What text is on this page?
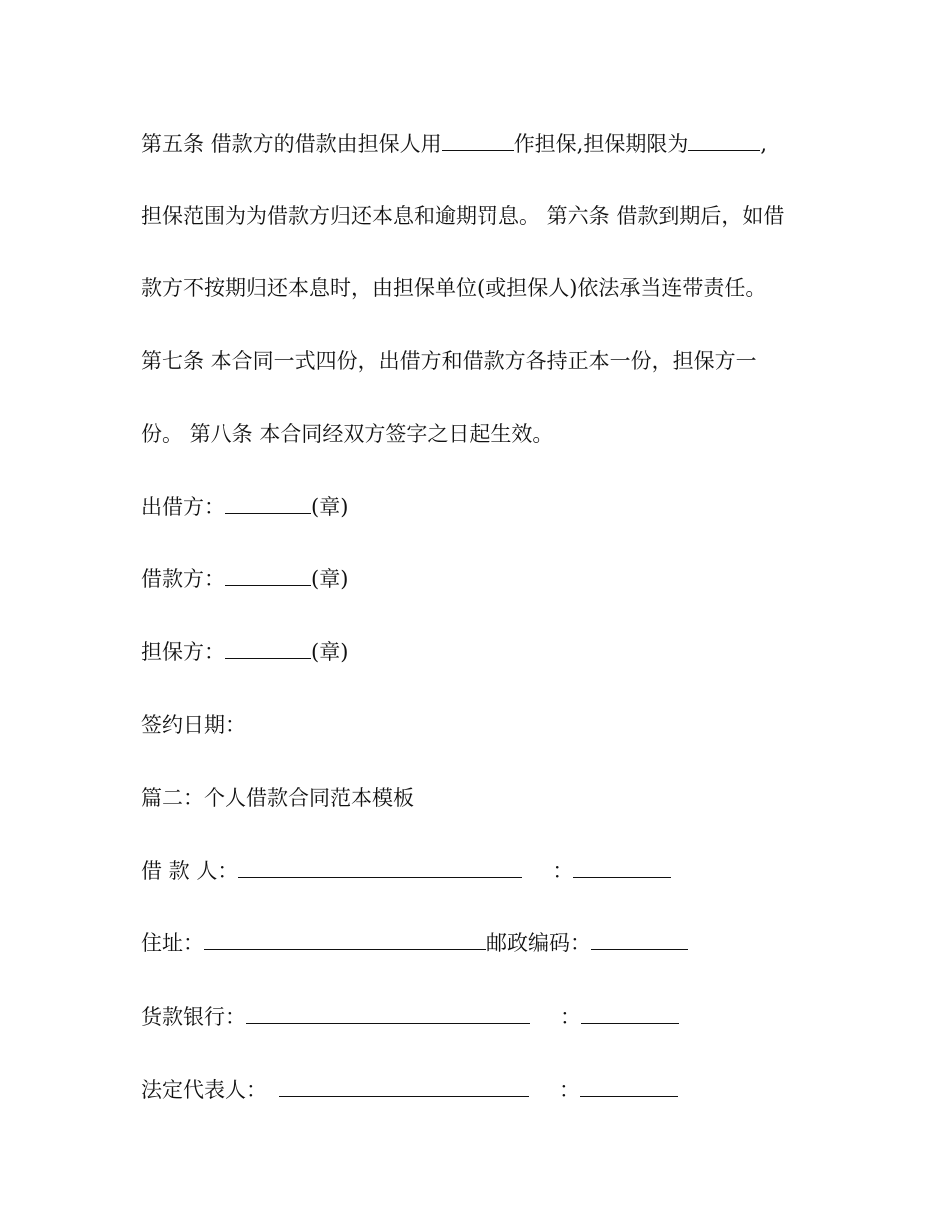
第五条 借款方的借款由担保人用	作担保,担保期限为	,
担保范围为为借款方归还本息和逾期罚息。 第六条 借款到期后，如借
款方不按期归还本息时，由担保单位(或担保人)依法承当连带责任。
第七条 本合同一式四份，出借方和借款方各持正本一份，担保方一
份。 第八条 本合同经双方签字之日起生效。
出借方：	(章)
借款方：	(章)
担保方：	(章)
签约日期：
篇二：个人借款合同范本模板
借 款 人：	：
住址：	邮政编码：
货款银行：	：
法定代表人：	：
